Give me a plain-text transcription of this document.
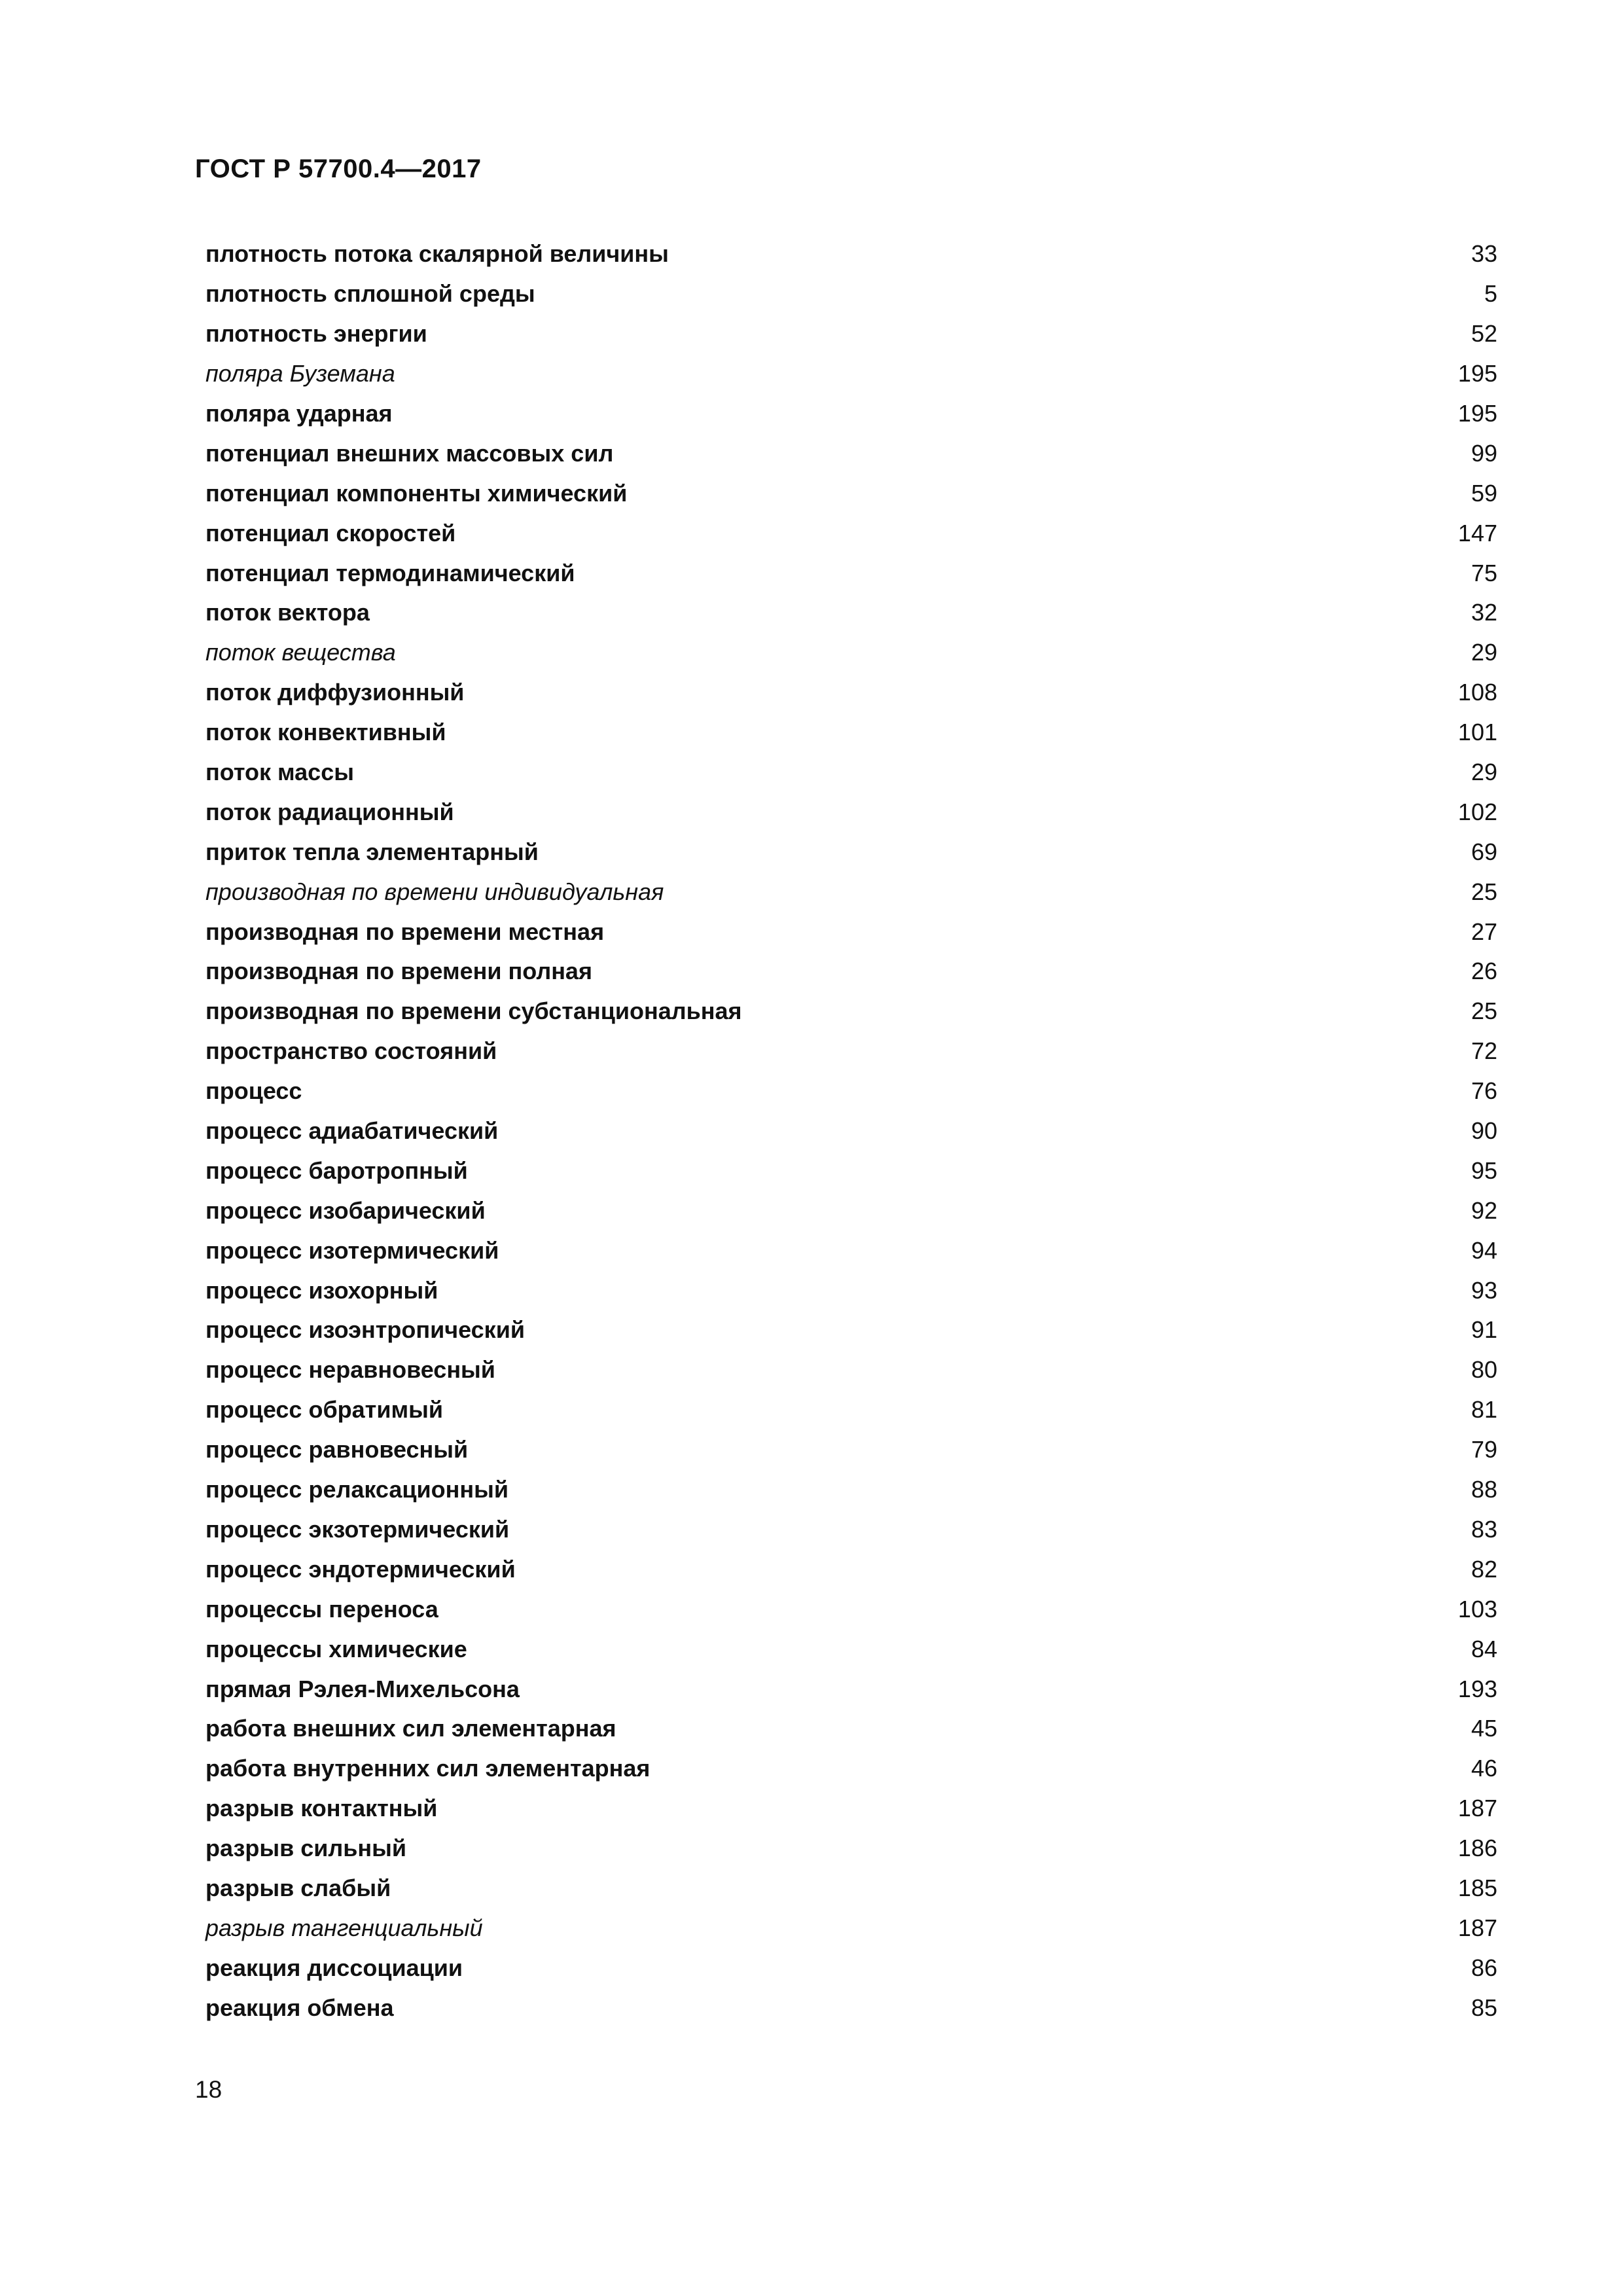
ГОСТ Р 57700.4—2017
плотность потока скалярной величины	33
плотность сплошной среды	5
плотность энергии	52
поляра Буземана	195
поляра ударная	195
потенциал внешних массовых сил	99
потенциал компоненты химический	59
потенциал скоростей	147
потенциал термодинамический	75
поток вектора	32
поток вещества	29
поток диффузионный	108
поток конвективный	101
поток массы	29
поток радиационный	102
приток тепла элементарный	69
производная по времени индивидуальная	25
производная по времени местная	27
производная по времени полная	26
производная по времени субстанциональная	25
пространство состояний	72
процесс	76
процесс адиабатический	90
процесс баротропный	95
процесс изобарический	92
процесс изотермический	94
процесс изохорный	93
процесс изоэнтропический	91
процесс неравновесный	80
процесс обратимый	81
процесс равновесный	79
процесс релаксационный	88
процесс экзотермический	83
процесс эндотермический	82
процессы переноса	103
процессы химические	84
прямая Рэлея-Михельсона	193
работа внешних сил элементарная	45
работа внутренних сил элементарная	46
разрыв контактный	187
разрыв сильный	186
разрыв слабый	185
разрыв тангенциальный	187
реакция диссоциации	86
реакция обмена	85
18
